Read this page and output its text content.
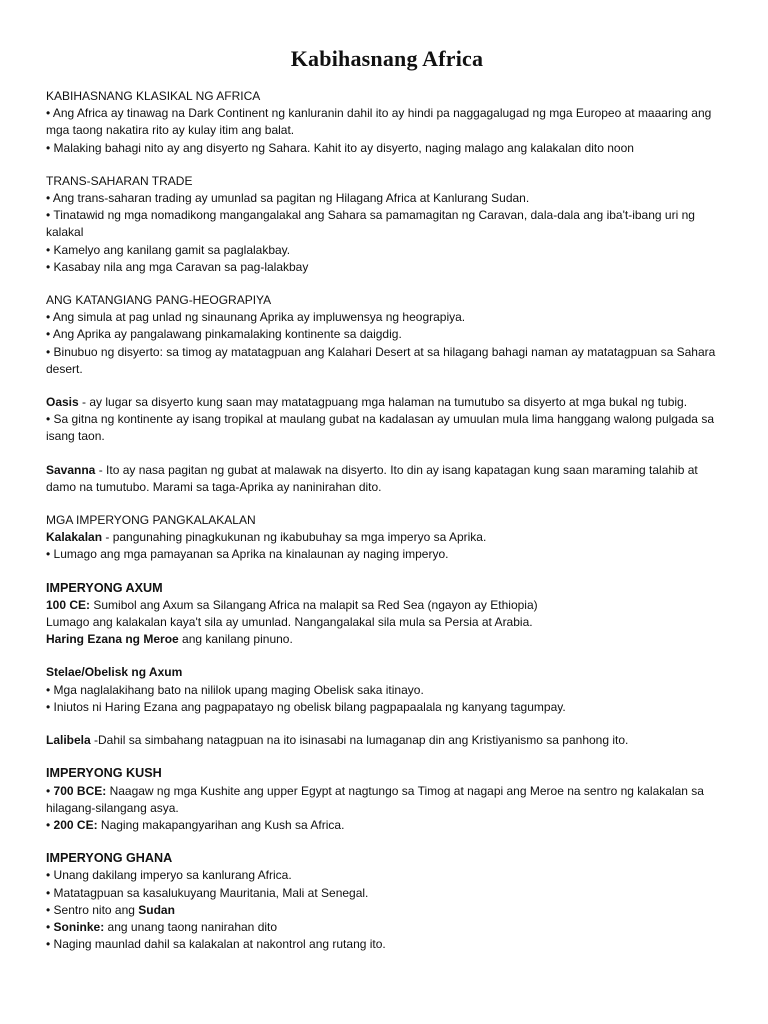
Kabihasnang Africa
KABIHASNANG KLASIKAL NG AFRICA
• Ang Africa ay tinawag na Dark Continent ng kanluranin dahil ito ay hindi pa naggagalugad ng mga Europeo at maaaring ang mga taong nakatira rito ay kulay itim ang balat.
• Malaking bahagi nito ay ang disyerto ng Sahara. Kahit ito ay disyerto, naging malago ang kalakalan dito noon
TRANS-SAHARAN TRADE
• Ang trans-saharan trading ay umunlad sa pagitan ng Hilagang Africa at Kanlurang Sudan.
• Tinatawid ng mga nomadikong mangangalakal ang Sahara sa pamamagitan ng Caravan, dala-dala ang iba't-ibang uri ng kalakal
• Kamelyo ang kanilang gamit sa paglalakbay.
• Kasabay nila ang mga Caravan sa pag-lalakbay
ANG KATANGIANG PANG-HEOGRAPIYA
• Ang simula at pag unlad ng sinaunang Aprika ay impluwensya ng heograpiya.
• Ang Aprika ay pangalawang pinkamalaking kontinente sa daigdig.
• Binubuo ng disyerto: sa timog ay matatagpuan ang Kalahari Desert at sa hilagang bahagi naman ay matatagpuan sa Sahara desert.
Oasis - ay lugar sa disyerto kung saan may matatagpuang mga halaman na tumutubo sa disyerto at mga bukal ng tubig.
• Sa gitna ng kontinente ay isang tropikal at maulang gubat na kadalasan ay umuulan mula lima hanggang walong pulgada sa isang taon.
Savanna - Ito ay nasa pagitan ng gubat at malawak na disyerto. Ito din ay isang kapatagan kung saan maraming talahib at damo na tumutubo. Marami sa taga-Aprika ay naninirahan dito.
MGA IMPERYONG PANGKALAKALAN
Kalakalan - pangunahing pinagkukunan ng ikabubuhay sa mga imperyo sa Aprika.
• Lumago ang mga pamayanan sa Aprika na kinalaunan ay naging imperyo.
IMPERYONG AXUM
100 CE: Sumibol ang Axum sa Silangang Africa na malapit sa Red Sea (ngayon ay Ethiopia)
Lumago ang kalakalan kaya't sila ay umunlad. Nangangalakal sila mula sa Persia at Arabia.
Haring Ezana ng Meroe ang kanilang pinuno.
Stelae/Obelisk ng Axum
• Mga naglalakihang bato na nililok upang maging Obelisk saka itinayo.
• Iniutos ni Haring Ezana ang pagpapatayo ng obelisk bilang pagpapaalala ng kanyang tagumpay.
Lalibela -Dahil sa simbahang natagpuan na ito isinasabi na lumaganap din ang Kristiyanismo sa panhong ito.
IMPERYONG KUSH
• 700 BCE: Naagaw ng mga Kushite ang upper Egypt at nagtungo sa Timog at nagapi ang Meroe na sentro ng kalakalan sa hilagang-silangang asya.
• 200 CE: Naging makapangyarihan ang Kush sa Africa.
IMPERYONG GHANA
• Unang dakilang imperyo sa kanlurang Africa.
• Matatagpuan sa kasalukuyang Mauritania, Mali at Senegal.
• Sentro nito ang Sudan
• Soninke: ang unang taong nanirahan dito
• Naging maunlad dahil sa kalakalan at nakontrol ang rutang ito.
